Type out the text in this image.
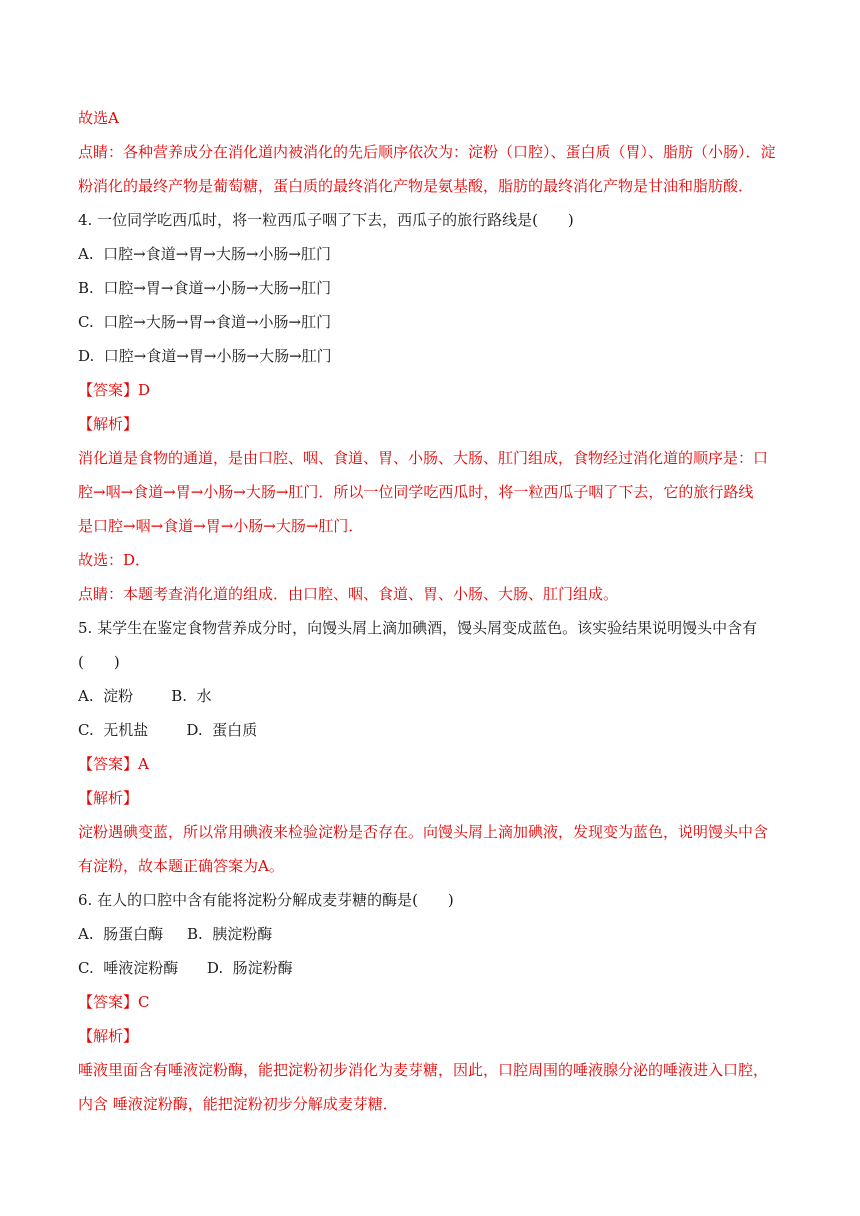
故选A
点睛：各种营养成分在消化道内被消化的先后顺序依次为：淀粉（口腔）、蛋白质（胃）、脂肪（小肠）．淀
粉消化的最终产物是葡萄糖，蛋白质的最终消化产物是氨基酸，脂肪的最终消化产物是甘油和脂肪酸．
4. 一位同学吃西瓜时，将一粒西瓜子咽了下去，西瓜子的旅行路线是(　　)
A.  口腔→食道→胃→大肠→小肠→肛门
B.  口腔→胃→食道→小肠→大肠→肛门
C.  口腔→大肠→胃→食道→小肠→肛门
D.  口腔→食道→胃→小肠→大肠→肛门
【答案】D
【解析】
消化道是食物的通道，是由口腔、咽、食道、胃、小肠、大肠、肛门组成，食物经过消化道的顺序是：口
腔→咽→食道→胃→小肠→大肠→肛门．所以一位同学吃西瓜时，将一粒西瓜子咽了下去，它的旅行路线
是口腔→咽→食道→胃→小肠→大肠→肛门．
故选：D．
点睛：本题考查消化道的组成．由口腔、咽、食道、胃、小肠、大肠、肛门组成。
5. 某学生在鉴定食物营养成分时，向馒头屑上滴加碘酒，馒头屑变成蓝色。该实验结果说明馒头中含有
(　　)
A.  淀粉        B.  水
C.  无机盐        D.  蛋白质
【答案】A
【解析】
淀粉遇碘变蓝，所以常用碘液来检验淀粉是否存在。向馒头屑上滴加碘液，发现变为蓝色，说明馒头中含
有淀粉，故本题正确答案为A。
6. 在人的口腔中含有能将淀粉分解成麦芽糖的酶是(　　)
A.  肠蛋白酶     B.  胰淀粉酶
C.  唾液淀粉酶      D.  肠淀粉酶
【答案】C
【解析】
唾液里面含有唾液淀粉酶，能把淀粉初步消化为麦芽糖，因此，口腔周围的唾液腺分泌的唾液进入口腔，
内含 唾液淀粉酶，能把淀粉初步分解成麦芽糖．
